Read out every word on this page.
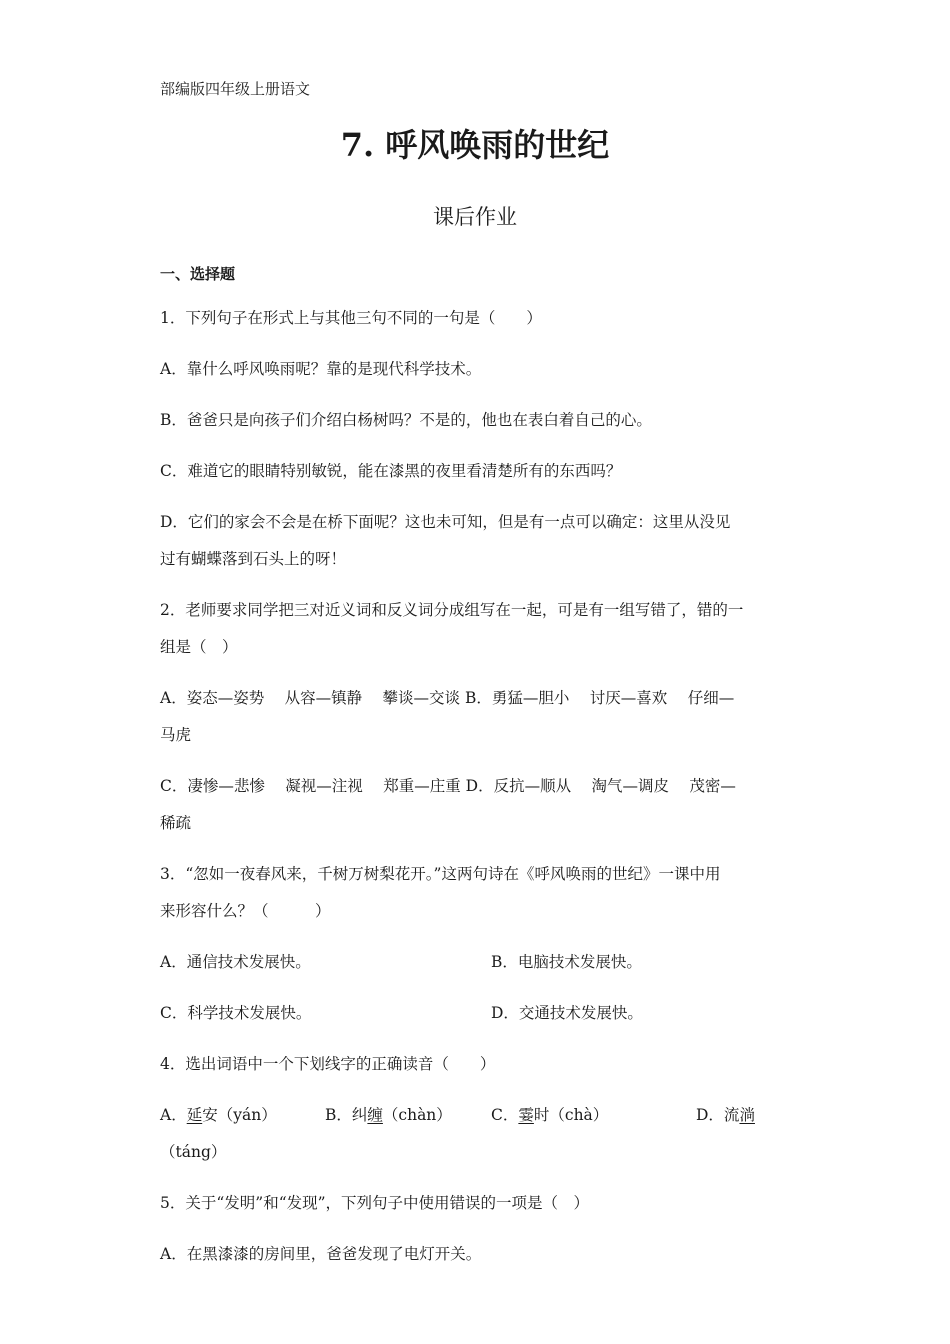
部编版四年级上册语文
7. 呼风唤雨的世纪
课后作业
一、选择题
1．下列句子在形式上与其他三句不同的一句是（　　）
A．靠什么呼风唤雨呢？靠的是现代科学技术。
B．爸爸只是向孩子们介绍白杨树吗？不是的，他也在表白着自己的心。
C．难道它的眼睛特别敏锐，能在漆黑的夜里看清楚所有的东西吗？
D．它们的家会不会是在桥下面呢？这也未可知，但是有一点可以确定：这里从没见
过有蝴蝶落到石头上的呀！
2．老师要求同学把三对近义词和反义词分成组写在一起，可是有一组写错了，错的一
组是（　）
A．姿态—姿势　 从容—镇静　 攀谈—交谈 B．勇猛—胆小　 讨厌—喜欢　 仔细—
马虎
C．凄惨—悲惨　 凝视—注视　 郑重—庄重 D．反抗—顺从　 淘气—调皮　 茂密—
稀疏
3．“忽如一夜春风来，千树万树梨花开。”这两句诗在《呼风唤雨的世纪》一课中用
来形容什么？（　　　）
A．通信技术发展快。	B．电脑技术发展快。
C．科学技术发展快。	D．交通技术发展快。
4．选出词语中一个下划线字的正确读音（　　）
A．延安（yán）	B．纠缠（chàn）	C．霎时（chà）	D．流淌
（táng）
5．关于“发明”和“发现”，下列句子中使用错误的一项是（　）
A．在黑漆漆的房间里，爸爸发现了电灯开关。
